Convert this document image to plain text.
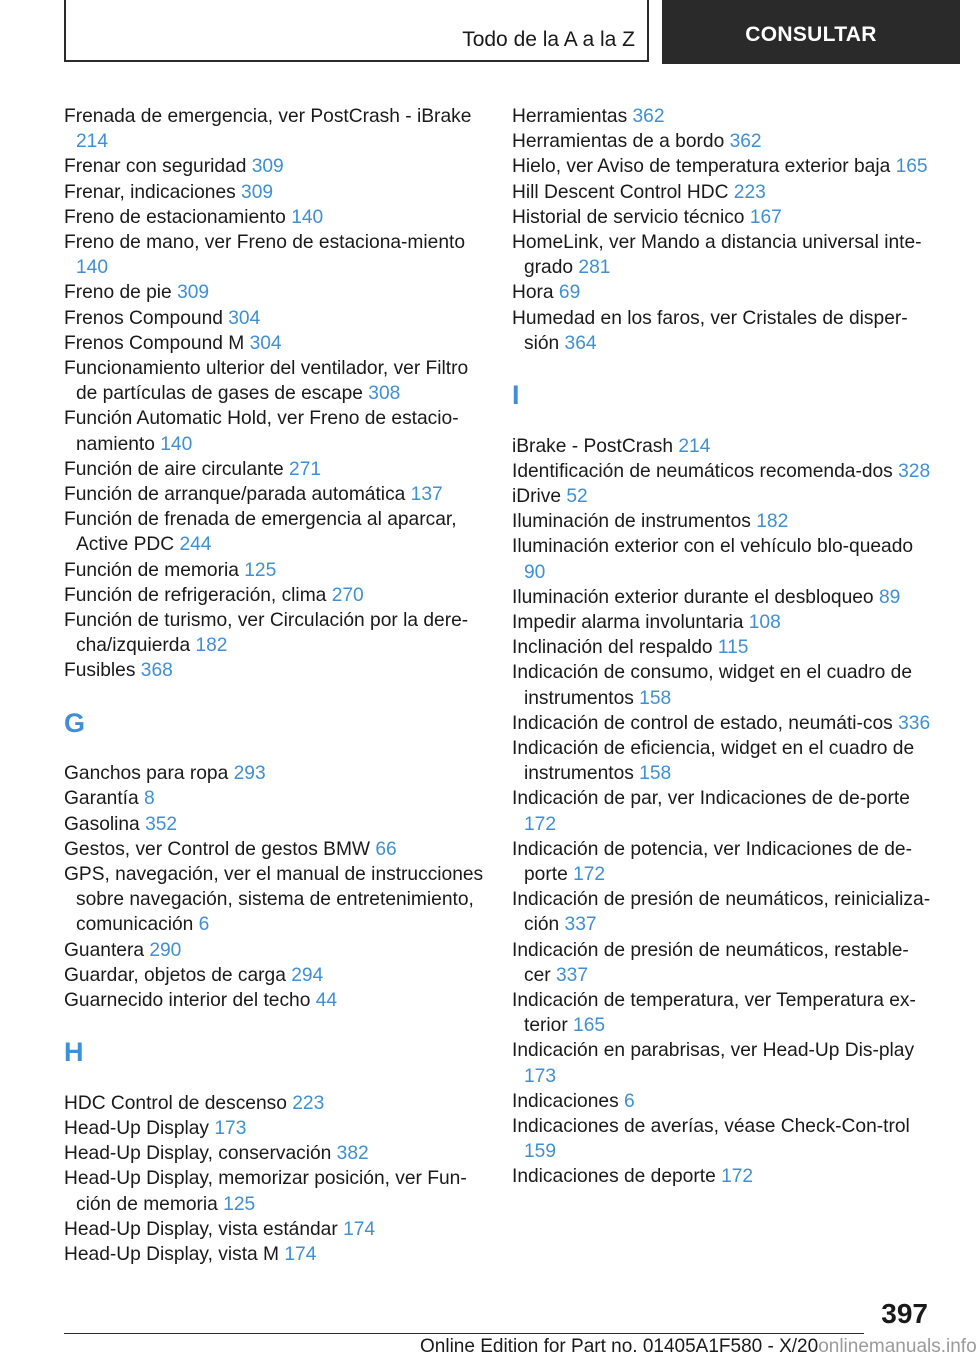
Todo de la A a la Z	CONSULTAR
Frenada de emergencia, ver PostCrash - iBrake 214
Frenar con seguridad 309
Frenar, indicaciones 309
Freno de estacionamiento 140
Freno de mano, ver Freno de estaciona‐miento 140
Freno de pie 309
Frenos Compound 304
Frenos Compound M 304
Funcionamiento ulterior del ventilador, ver Filtro de partículas de gases de escape 308
Función Automatic Hold, ver Freno de estacio‐namiento 140
Función de aire circulante 271
Función de arranque/parada automática 137
Función de frenada de emergencia al aparcar, Active PDC 244
Función de memoria 125
Función de refrigeración, clima 270
Función de turismo, ver Circulación por la dere‐cha/izquierda 182
Fusibles 368
G
Ganchos para ropa 293
Garantía 8
Gasolina 352
Gestos, ver Control de gestos BMW 66
GPS, navegación, ver el manual de instrucciones sobre navegación, sistema de entretenimiento, comunicación 6
Guantera 290
Guardar, objetos de carga 294
Guarnecido interior del techo 44
H
HDC Control de descenso 223
Head-Up Display 173
Head-Up Display, conservación 382
Head-Up Display, memorizar posición, ver Fun‐ción de memoria 125
Head-Up Display, vista estándar 174
Head-Up Display, vista M 174
Herramientas 362
Herramientas de a bordo 362
Hielo, ver Aviso de temperatura exterior baja 165
Hill Descent Control HDC 223
Historial de servicio técnico 167
HomeLink, ver Mando a distancia universal inte‐grado 281
Hora 69
Humedad en los faros, ver Cristales de disper‐sión 364
I
iBrake - PostCrash 214
Identificación de neumáticos recomenda‐dos 328
iDrive 52
Iluminación de instrumentos 182
Iluminación exterior con el vehículo blo‐queado 90
Iluminación exterior durante el desbloqueo 89
Impedir alarma involuntaria 108
Inclinación del respaldo 115
Indicación de consumo, widget en el cuadro de instrumentos 158
Indicación de control de estado, neumáti‐cos 336
Indicación de eficiencia, widget en el cuadro de instrumentos 158
Indicación de par, ver Indicaciones de de‐porte 172
Indicación de potencia, ver Indicaciones de de‐porte 172
Indicación de presión de neumáticos, reinicializa‐ción 337
Indicación de presión de neumáticos, restable‐cer 337
Indicación de temperatura, ver Temperatura ex‐terior 165
Indicación en parabrisas, ver Head-Up Dis‐play 173
Indicaciones 6
Indicaciones de averías, véase Check-Con‐trol 159
Indicaciones de deporte 172
397
Online Edition for Part no. 01405A1F580 - X/20onlinemanuals.info
